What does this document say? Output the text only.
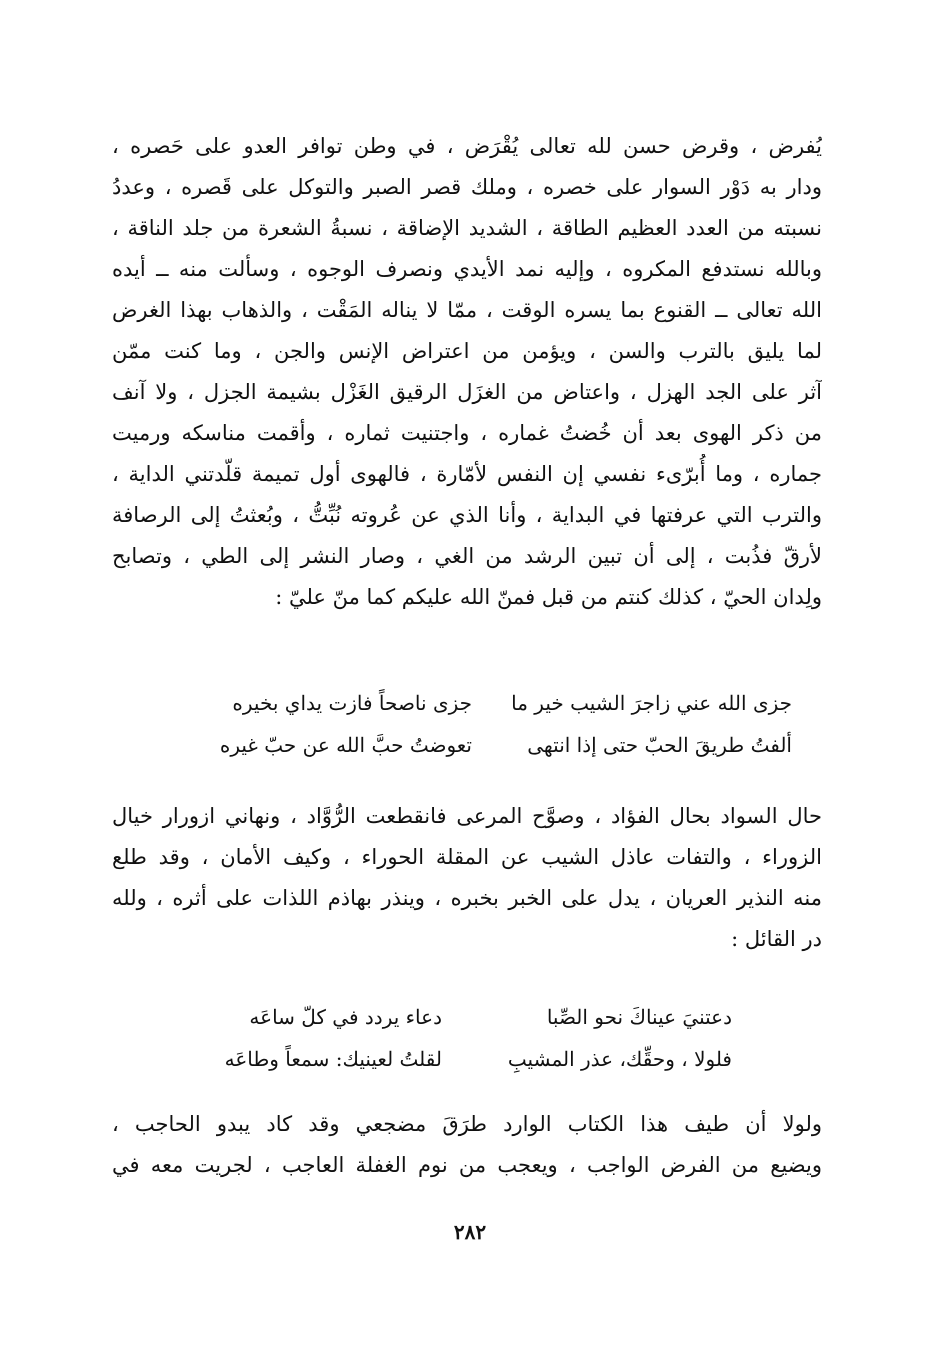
يُفرض ، وقرض حسن لله تعالى يُقْرَض ، في وطن توافر العدو على حَصره ،
ودار به دَوْر السوار على خصره ، وملك قصر الصبر والتوكل على قَصره ، وعددُ
نسبته من العدد العظيم الطاقة ، الشديد الإضاقة ، نسبةُ الشعرة من جلد الناقة ،
وبالله نستدفع المكروه ، وإليه نمد الأيدي ونصرف الوجوه ، وسألت منه ــ أيده
الله تعالى ــ القنوع بما يسره الوقت ، ممّا لا يناله المَقْت ، والذهاب بهذا الغرض
لما يليق بالترب والسن ، ويؤمن من اعتراض الإنس والجن ، وما كنت ممّن
آثر على الجد الهزل ، واعتاض من الغزَل الرقيق الغَزْل بشيمة الجزل ، ولا آنف
من ذكر الهوى بعد أن خُضتُ غماره ، واجتنيت ثماره ، وأقمت مناسكه ورميت
جماره ، وما أُبرّىء نفسي إن النفس لأمّارة ، فالهوى أول تميمة قلّدتني الداية ،
والترب التي عرفتها في البداية ، وأنا الذي عن عُروته نُبِّتُّ ، وبُعثتُ إلى الرصافة
لأرقّ فذُبت ، إلى أن تبين الرشد من الغي ، وصار النشر إلى الطي ، وتصابح
ولِدان الحيّ ، كذلك كنتم من قبل فمنّ الله عليكم كما منّ عليّ :
جزى الله عني زاجرَ الشيب خير ما
جزى ناصحاً فازت يداي بخيره
ألفتُ طريقَ الحبّ حتى إذا انتهى
تعوضتُ حبَّ الله عن حبّ غيره
حال السواد بحال الفؤاد ، وصوَّح المرعى فانقطعت الرُّوَّاد ، ونهاني ازورار خيال
الزوراء ، والتفات عاذل الشيب عن المقلة الحوراء ، وكيف الأمان ، وقد طلع
منه النذير العريان ، يدل على الخبر بخبره ، وينذر بهاذم اللذات على أثره ، ولله
در القائل :
دعتنيَ عيناكَ نحو الصِّبا
دعاء يردد في كلّ ساعَه
فلولا ، وحقِّك، عذر المشيبِ
لقلتُ لعينيك: سمعاً وطاعَه
ولولا أن طيف هذا الكتاب الوارد طرَقَ مضجعي وقد كاد يبدو الحاجب ،
ويضيع من الفرض الواجب ، ويعجب من نوم الغفلة العاجب ، لجريت معه في
٢٨٢
